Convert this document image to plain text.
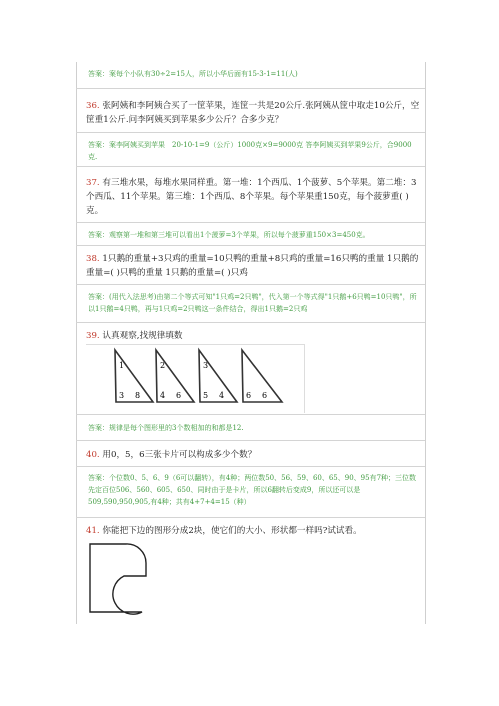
答案：案每个小队有30÷2=15人，所以小华后面有15-3-1=11(人)
36. 张阿姨和李阿姨合买了一筐苹果，连筐一共是20公斤.张阿姨从筐中取走10公斤，空筐重1公斤.问李阿姨买到苹果多少公斤？合多少克？
答案：案李阿姨买到苹果　20-10-1=9（公斤）1000克×9=9000克 答李阿姨买到苹果9公斤，合9000克.
37. 有三堆水果，每堆水果同样重。第一堆：1个西瓜、1个菠萝、5个苹果。第二堆：3个西瓜、11个苹果。第三堆：1个西瓜、8个苹果。每个苹果重150克，每个菠萝重( )克。
答案：观察第一堆和第三堆可以看出1个菠萝=3个苹果，所以每个菠萝重150×3=450克。
38. 1只鹅的重量+3只鸡的重量=10只鸭的重量+8只鸡的重量=16只鸭的重量 1只鹅的重量=( )只鸭的重量 1只鹅的重量=( )只鸡
答案：(用代入法思考)由第二个等式可知"1只鸡=2只鸭"，代入第一个等式得"1只鹅+6只鸭=10只鸭"，所以1只鹅=4只鸭，再与1只鸡=2只鸭这一条件结合，得出1只鹅=2只鸡
39. 认真观察,找规律填数
1
3 8
2
4 6
3
5 4	6 6
答案：规律是每个图形里的3个数相加的和都是12.
40. 用0，5，6三张卡片可以构成多少个数？
答案：个位数0、5、6、9（6可以翻转），有4种；两位数50、56、59、60、65、90、95有7种；三位数先定百位506、560、605、650、同时由于是卡片，所以6翻转后变成9，所以还可以是509,590,950,905,有4种；共有4+7+4=15（种）
41. 你能把下边的图形分成2块，使它们的大小、形状都一样吗?试试看。
